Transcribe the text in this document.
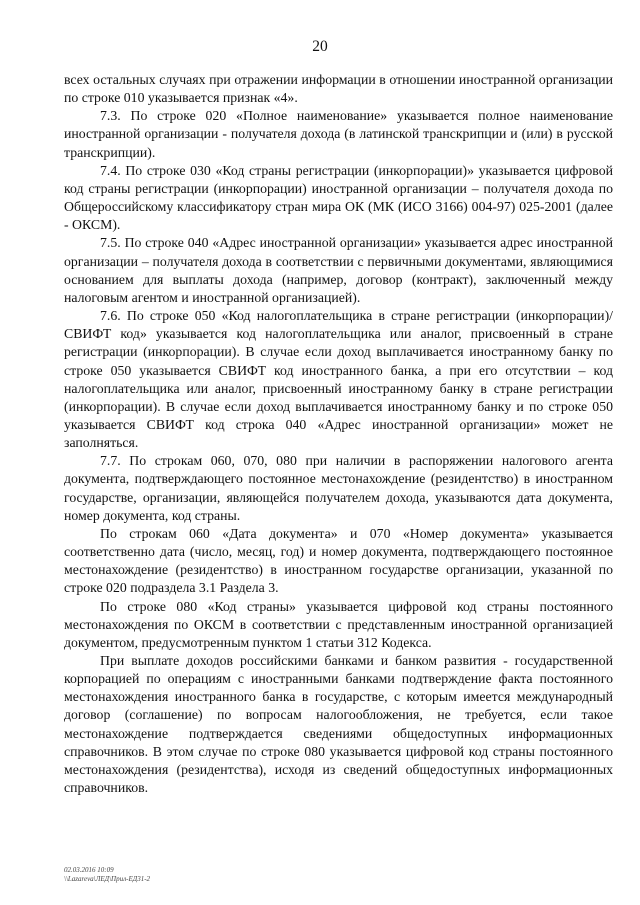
20

всех остальных случаях при отражении информации в отношении иностранной организации по строке 010 указывается признак «4».

7.3. По строке 020 «Полное наименование» указывается полное наименование иностранной организации - получателя дохода (в латинской транскрипции и (или) в русской транскрипции).

7.4. По строке 030 «Код страны регистрации (инкорпорации)» указывается цифровой код страны регистрации (инкорпорации) иностранной организации – получателя дохода по Общероссийскому классификатору стран мира ОК (МК (ИСО 3166) 004-97) 025-2001 (далее - ОКСМ).

7.5. По строке 040 «Адрес иностранной организации» указывается адрес иностранной организации – получателя дохода в соответствии с первичными документами, являющимися основанием для выплаты дохода (например, договор (контракт), заключенный между налоговым агентом и иностранной организацией).

7.6. По строке 050 «Код налогоплательщика в стране регистрации (инкорпорации)/СВИФТ код» указывается код налогоплательщика или аналог, присвоенный в стране регистрации (инкорпорации). В случае если доход выплачивается иностранному банку по строке 050 указывается СВИФТ код иностранного банка, а при его отсутствии – код налогоплательщика или аналог, присвоенный иностранному банку в стране регистрации (инкорпорации). В случае если доход выплачивается иностранному банку и по строке 050 указывается СВИФТ код строка 040 «Адрес иностранной организации» может не заполняться.

7.7. По строкам 060, 070, 080 при наличии в распоряжении налогового агента документа, подтверждающего постоянное местонахождение (резидентство) в иностранном государстве, организации, являющейся получателем дохода, указываются дата документа, номер документа, код страны.

По строкам 060 «Дата документа» и 070 «Номер документа» указывается соответственно дата (число, месяц, год) и номер документа, подтверждающего постоянное местонахождение (резидентство) в иностранном государстве организации, указанной по строке 020 подраздела 3.1 Раздела 3.

По строке 080 «Код страны» указывается цифровой код страны постоянного местонахождения по ОКСМ в соответствии с представленным иностранной организацией документом, предусмотренным пунктом 1 статьи 312 Кодекса.

При выплате доходов российскими банками и банком развития - государственной корпорацией по операциям с иностранными банками подтверждение факта постоянного местонахождения иностранного банка в государстве, с которым имеется международный договор (соглашение) по вопросам налогообложения, не требуется, если такое местонахождение подтверждается сведениями общедоступных информационных справочников. В этом случае по строке 080 указывается цифровой код страны постоянного местонахождения (резидентства), исходя из сведений общедоступных информационных справочников.

02.03.2016 10:09
\\Lazareva\ЛЕД\Прил-ЕД31-2
